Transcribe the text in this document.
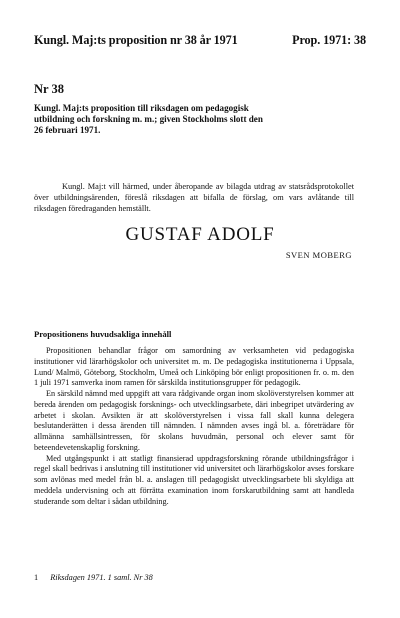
Kungl. Maj:ts proposition nr 38 år 1971	Prop. 1971: 38
Nr 38
Kungl. Maj:ts proposition till riksdagen om pedagogisk utbildning och forskning m. m.; given Stockholms slott den 26 februari 1971.
Kungl. Maj:t vill härmed, under åberopande av bilagda utdrag av statsrådsprotokollet över utbildningsärenden, föreslå riksdagen att bifalla de förslag, om vars avlåtande till riksdagen föredraganden hemställt.
GUSTAF ADOLF
SVEN MOBERG
Propositionens huvudsakliga innehåll

Propositionen behandlar frågor om samordning av verksamheten vid pedagogiska institutioner vid lärarhögskolor och universitet m. m. De pedagogiska institutionerna i Uppsala, Lund/ Malmö, Göteborg, Stockholm, Umeå och Linköping bör enligt propositionen fr. o. m. den 1 juli 1971 samverka inom ramen för särskilda institutionsgrupper för pedagogik.

En särskild nämnd med uppgift att vara rådgivande organ inom skolöverstyrelsen kommer att bereda ärenden om pedagogisk forsknings- och utvecklingsarbete, däri inbegripet utvärdering av arbetet i skolan. Avsikten är att skolöverstyrelsen i vissa fall skall kunna delegera beslutanderätten i dessa ärenden till nämnden. I nämnden avses ingå bl. a. företrädare för allmänna samhällsintressen, för skolans huvudmän, personal och elever samt för beteendevetenskaplig forskning.

Med utgångspunkt i att statligt finansierad uppdragsforskning rörande utbildningsfrågor i regel skall bedrivas i anslutning till institutioner vid universitet och lärarhögskolor avses forskare som avlönas med medel från bl. a. anslagen till pedagogiskt utvecklingsarbete bli skyldiga att meddela undervisning och att förrätta examination inom forskarutbildning samt att handleda studerande som deltar i sådan utbildning.

1 Riksdagen 1971. 1 saml. Nr 38
